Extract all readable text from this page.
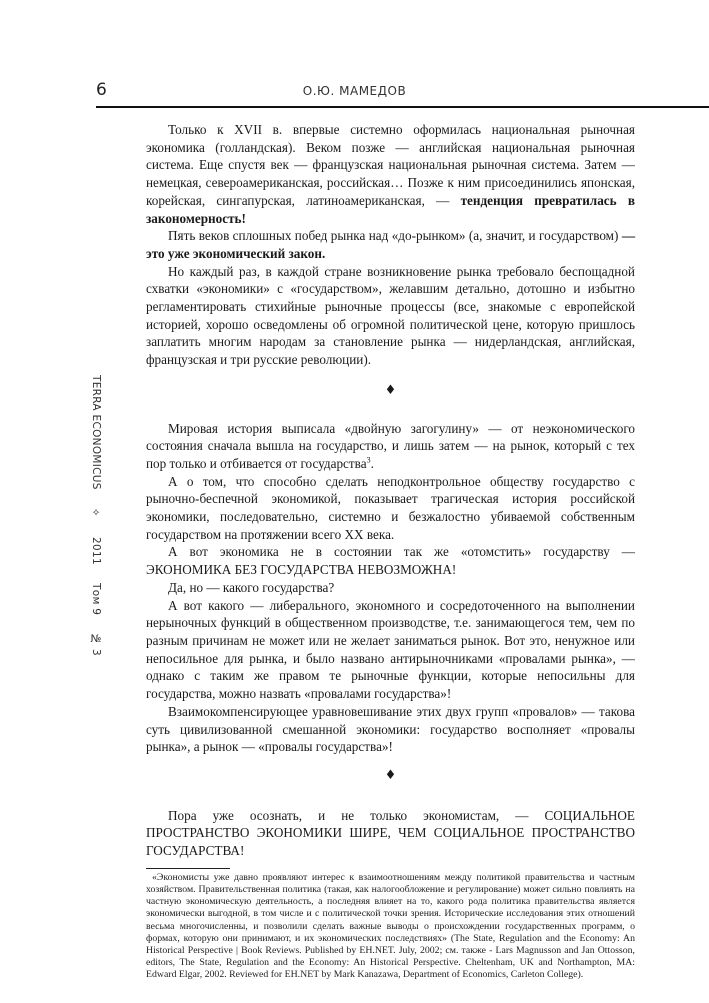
6	О.Ю. МАМЕДОВ
TERRA ECONOMICUS ✧ 2011 Том 9 № 3

Только к XVII в. впервые системно оформилась национальная рыночная экономика (голландская). Веком позже — английская национальная рыночная система. Еще спустя век — французская национальная рыночная система. Затем — немецкая, североамериканская, российская… Позже к ним присоединились японская, корейская, сингапурская, латиноамериканская, — тенденция превратилась в закономерность!

Пять веков сплошных побед рынка над «до-рынком» (а, значит, и государством) — это уже экономический закон.

Но каждый раз, в каждой стране возникновение рынка требовало беспощадной схватки «экономики» с «государством», желавшим детально, дотошно и избытно регламентировать стихийные рыночные процессы (все, знакомые с европейской историей, хорошо осведомлены об огромной политической цене, которую пришлось заплатить многим народам за становление рынка — нидерландская, английская, французская и три русские революции).

♦

Мировая история выписала «двойную загогулину» — от неэкономического состояния сначала вышла на государство, и лишь затем — на рынок, который с тех пор только и отбивается от государства$^3$.

А о том, что способно сделать неподконтрольное обществу государство с рыночно-беспечной экономикой, показывает трагическая история российской экономики, последовательно, системно и безжалостно убиваемой собственным государством на протяжении всего XX века.

А вот экономика не в состоянии так же «отомстить» государству — ЭКОНОМИКА БЕЗ ГОСУДАРСТВА НЕВОЗМОЖНА!

Да, но — какого государства?

А вот какого — либерального, экономного и сосредоточенного на выполнении нерыночных функций в общественном производстве, т.е. занимающегося тем, чем по разным причинам не может или не желает заниматься рынок. Вот это, ненужное или непосильное для рынка, и было названо антирыночниками «провалами рынка», — однако с таким же правом те рыночные функции, которые непосильны для государства, можно назвать «провалами государства»!

Взаимокомпенсирующее уравновешивание этих двух групп «провалов» — такова суть цивилизованной смешанной экономики: государство восполняет «провалы рынка», а рынок — «провалы государства»!

♦

Пора уже осознать, и не только экономистам, — СОЦИАЛЬНОЕ ПРОСТРАНСТВО ЭКОНОМИКИ ШИРЕ, ЧЕМ СОЦИАЛЬНОЕ ПРОСТРАНСТВО ГОСУДАРСТВА!

«Экономисты уже давно проявляют интерес к взаимоотношениям между политикой правительства и частным хозяйством. Правительственная политика (такая, как налогообложение и регулирование) может сильно повлиять на частную экономическую деятельность, а последняя влияет на то, какого рода политика правительства является экономически выгодной, в том числе и с политической точки зрения. Исторические исследования этих отношений весьма многочисленны, и позволили сделать важные выводы о происхождении государственных программ, о формах, которую они принимают, и их экономических последствиях» (The State, Regulation and the Economy: An Historical Perspective | Book Reviews. Published by EH.NET. July, 2002; см. также - Lars Magnusson and Jan Ottosson, editors, The State, Regulation and the Economy: An Historical Perspective. Cheltenham, UK and Northampton, MA: Edward Elgar, 2002. Reviewed for EH.NET by Mark Kanazawa, Department of Economics, Carleton College).
